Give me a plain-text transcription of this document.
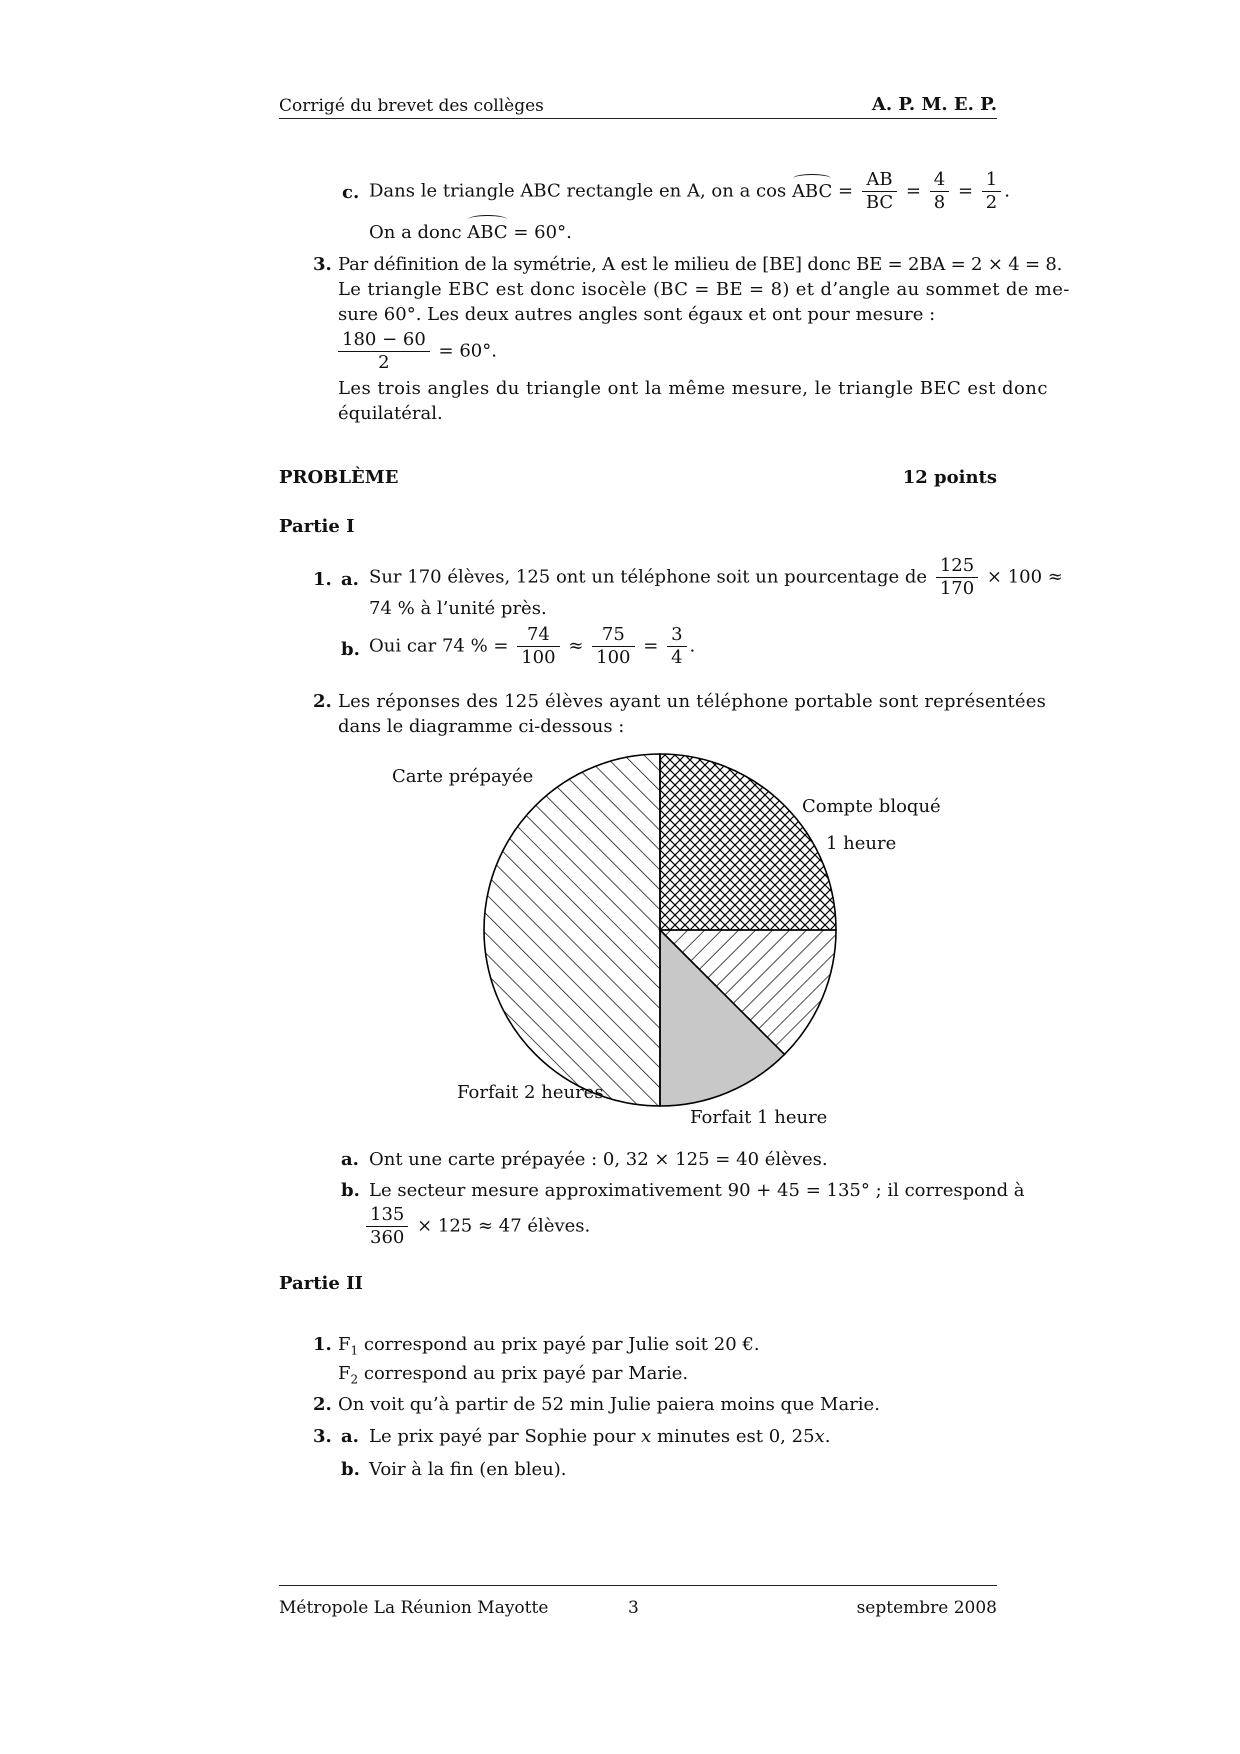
Corrigé du brevet des collèges	A. P. M. E. P.
c. Dans le triangle ABC rectangle en A, on a cos ABC = $\frac{AB}{BC} = \frac{4}{8} = \frac{1}{2}$ .
On a donc ABC = 60°.
3. Par définition de la symétrie, A est le milieu de [BE] donc BE = 2BA = 2 × 4 = 8.
Le triangle EBC est donc isocèle (BC = BE = 8) et d’angle au sommet de me-
sure 60°. Les deux autres angles sont égaux et ont pour mesure :
$\frac{180 - 60}{2} = 60^\circ$.
Les trois angles du triangle ont la même mesure, le triangle BEC est donc
équilatéral.
PROBLÈME	12 points
Partie I
1. a. Sur 170 élèves, 125 ont un téléphone soit un pourcentage de $\frac{125}{170} \times 100$ ≈
74 % à l’unité près.
b. Oui car 74 % = $\frac{74}{100} \approx \frac{75}{100} = \frac{3}{4}$ .
2. Les réponses des 125 élèves ayant un téléphone portable sont représentées
dans le diagramme ci-dessous :
Carte prépayée
Compte bloqué
1 heure
Forfait 2 heures
Forfait 1 heure
a. Ont une carte prépayée : 0, 32 × 125 = 40 élèves.
b. Le secteur mesure approximativement 90 + 45 = 135° ; il correspond à
$\frac{135}{360} \times 125 \approx 47$ élèves.
Partie II
1. $F_1$ correspond au prix payé par Julie soit 20 €.
$F_2$ correspond au prix payé par Marie.
2. On voit qu’à partir de 52 min Julie paiera moins que Marie.
3. a. Le prix payé par Sophie pour x minutes est 0, 25x.
b. Voir à la fin (en bleu).
Métropole La Réunion Mayotte	3	septembre 2008
